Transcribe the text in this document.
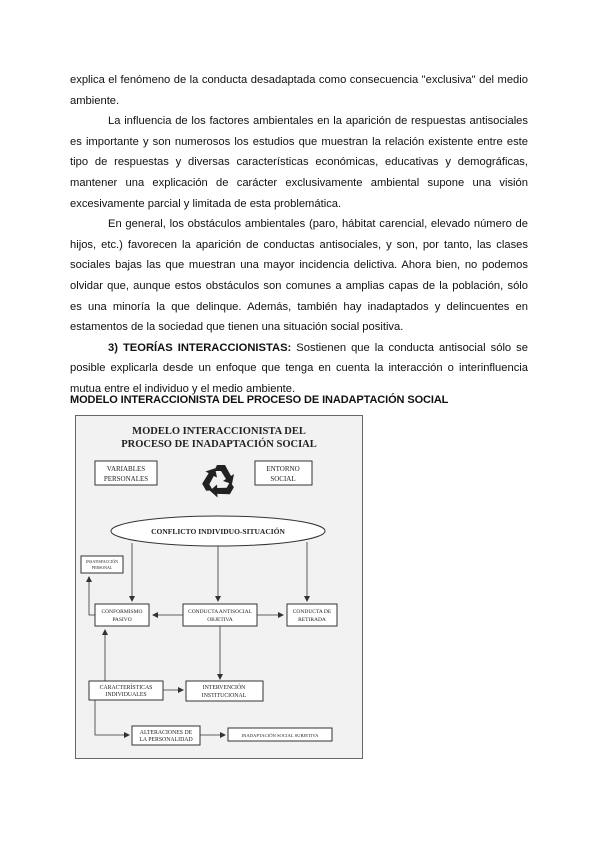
explica el fenómeno de la conducta desadaptada como consecuencia "exclusiva" del medio ambiente.

La influencia de los factores ambientales en la aparición de respuestas antisociales es importante y son numerosos los estudios que muestran la relación existente entre este tipo de respuestas y diversas características económicas, educativas y demográficas, mantener una explicación de carácter exclusivamente ambiental supone una visión excesivamente parcial y limitada de esta problemática.

En general, los obstáculos ambientales (paro, hábitat carencial, elevado número de hijos, etc.) favorecen la aparición de conductas antisociales, y son, por tanto, las clases sociales bajas las que muestran una mayor incidencia delictiva. Ahora bien, no podemos olvidar que, aunque estos obstáculos son comunes a amplias capas de la población, sólo es una minoría la que delinque. Además, también hay inadaptados y delincuentes en estamentos de la sociedad que tienen una situación social positiva.

3) TEORÍAS INTERACCIONISTAS: Sostienen que la conducta antisocial sólo se posible explicarla desde un enfoque que tenga en cuenta la interacción o interinfluencia mutua entre el individuo y el medio ambiente.

MODELO INTERACCIONISTA DEL PROCESO DE INADAPTACIÓN SOCIAL
MODELO INTERACCIONISTA DEL
PROCESO DE INADAPTACIÓN SOCIAL
VARIABLES
PERSONALES
ENTORNO
SOCIAL
CONFLICTO INDIVIDUO-SITUACIÓN
INSATISFACCIÓN
PERSONAL
CONFORMISMO
PASIVO
CONDUCTA ANTISOCIAL
OBJETIVA
CONDUCTA DE
RETIRADA
CARACTERÍSTICAS
INDIVIDUALES
INTERVENCIÓN
INSTITUCIONAL
ALTERACIONES DE
LA PERSONALIDAD
INADAPTACIÓN SOCIAL SUBJETIVA
